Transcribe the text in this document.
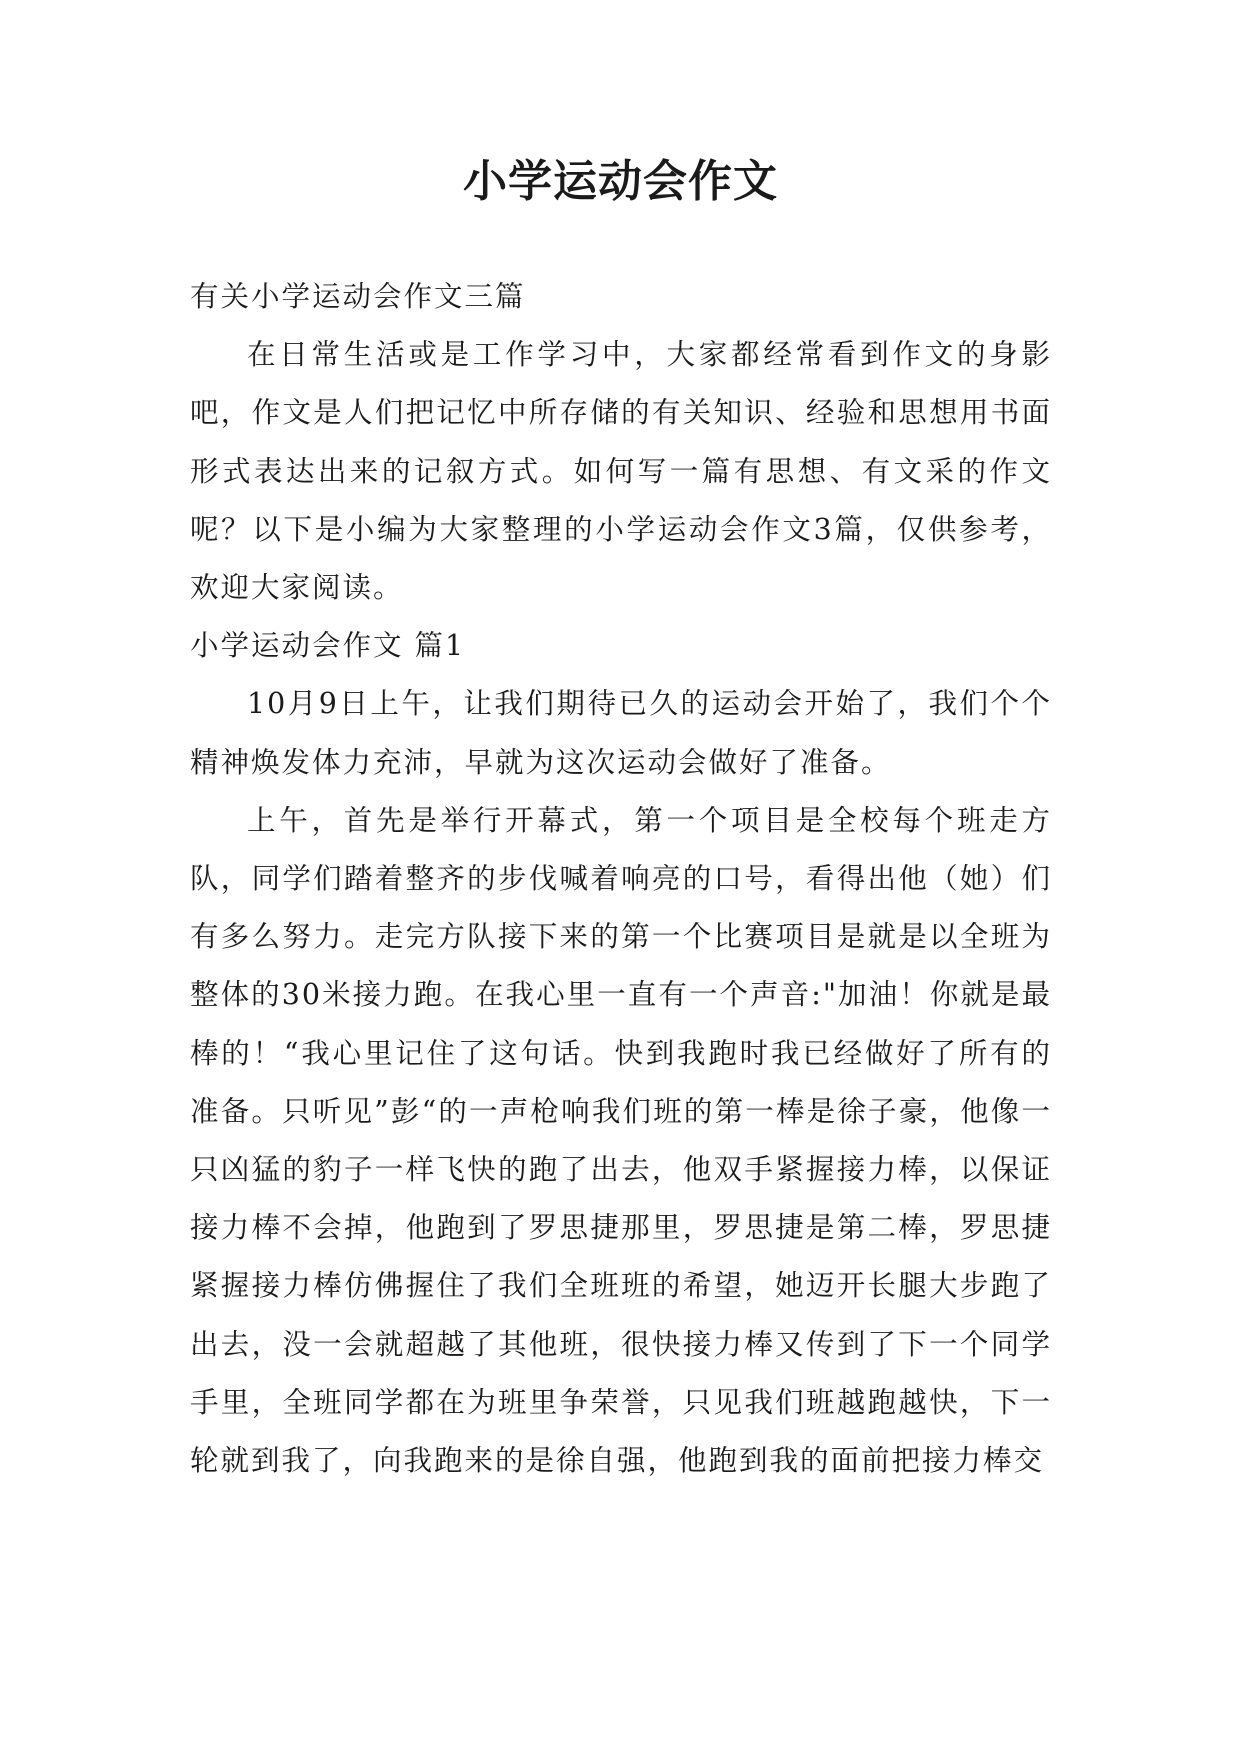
小学运动会作文

有关小学运动会作文三篇

在日常生活或是工作学习中，大家都经常看到作文的身影吧，作文是人们把记忆中所存储的有关知识、经验和思想用书面形式表达出来的记叙方式。如何写一篇有思想、有文采的作文呢？以下是小编为大家整理的小学运动会作文3篇，仅供参考，欢迎大家阅读。

小学运动会作文 篇1

10月9日上午，让我们期待已久的运动会开始了，我们个个精神焕发体力充沛，早就为这次运动会做好了准备。

上午，首先是举行开幕式，第一个项目是全校每个班走方队，同学们踏着整齐的步伐喊着响亮的口号，看得出他（她）们有多么努力。走完方队接下来的第一个比赛项目是就是以全班为整体的30米接力跑。在我心里一直有一个声音:"加油！你就是最棒的！“我心里记住了这句话。快到我跑时我已经做好了所有的准备。只听见”彭“的一声枪响我们班的第一棒是徐子豪，他像一只凶猛的豹子一样飞快的跑了出去，他双手紧握接力棒，以保证接力棒不会掉，他跑到了罗思捷那里，罗思捷是第二棒，罗思捷紧握接力棒仿佛握住了我们全班班的希望，她迈开长腿大步跑了出去，没一会就超越了其他班，很快接力棒又传到了下一个同学手里，全班同学都在为班里争荣誉，只见我们班越跑越快，下一轮就到我了，向我跑来的是徐自强，他跑到我的面前把接力棒交
